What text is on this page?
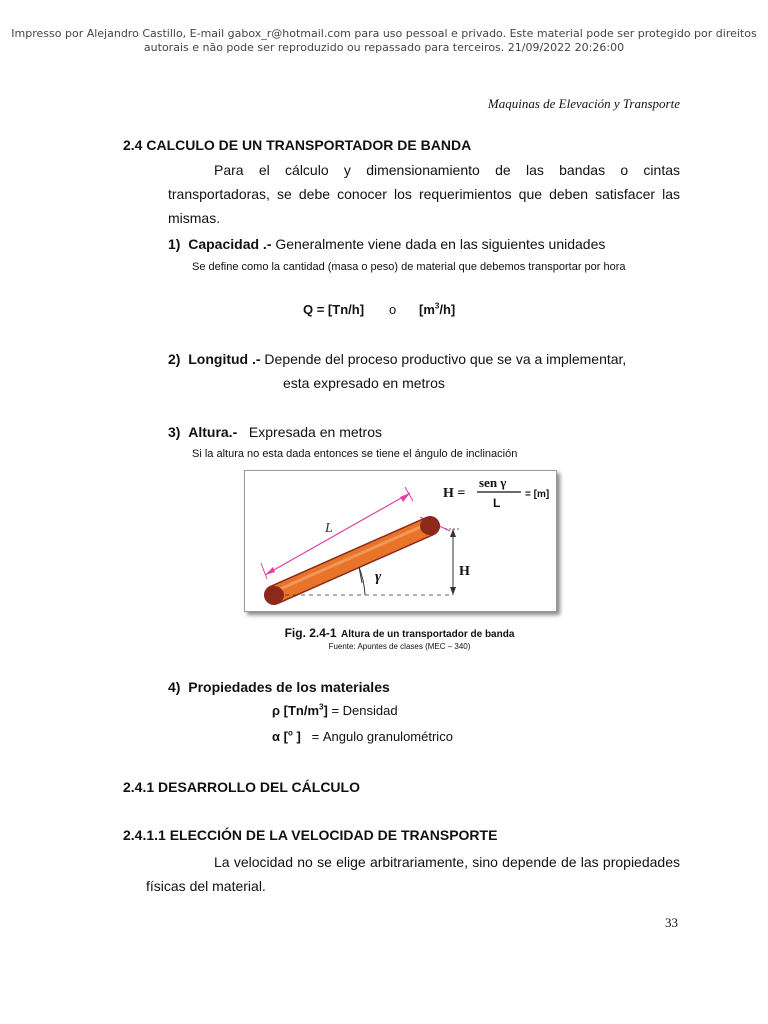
Impresso por Alejandro Castillo, E-mail gabox_r@hotmail.com para uso pessoal e privado. Este material pode ser protegido por direitos
autorais e não pode ser reproduzido ou repassado para terceiros. 21/09/2022 20:26:00
Maquinas de Elevación y Transporte
2.4 CALCULO DE UN TRANSPORTADOR DE BANDA
Para el cálculo y dimensionamiento de las bandas o cintas transportadoras, se debe conocer los requerimientos que deben satisfacer las mismas.
1) Capacidad .- Generalmente viene dada en las siguientes unidades
Se define como la cantidad (masa o peso) de material que debemos transportar por hora
Q = [Tn/h] o $[m^3/h]$
2) Longitud .- Depende del proceso productivo que se va a implementar,
esta expresado en metros
3) Altura.- Expresada en metros
Si la altura no esta dada entonces se tiene el ángulo de inclinación
L
γ	H
H =
sen γ
L
= [m]
Fig. 2.4-1 Altura de un transportador de banda
Fuente: Apuntes de clases (MEC – 340)
4) Propiedades de los materiales
ρ $[Tn/m^3]$ = Densidad
α [$^o$ ] = Angulo granulométrico
2.4.1 DESARROLLO DEL CÁLCULO
2.4.1.1 ELECCIÓN DE LA VELOCIDAD DE TRANSPORTE
La velocidad no se elige arbitrariamente, sino depende de las propiedades físicas del material.
33
